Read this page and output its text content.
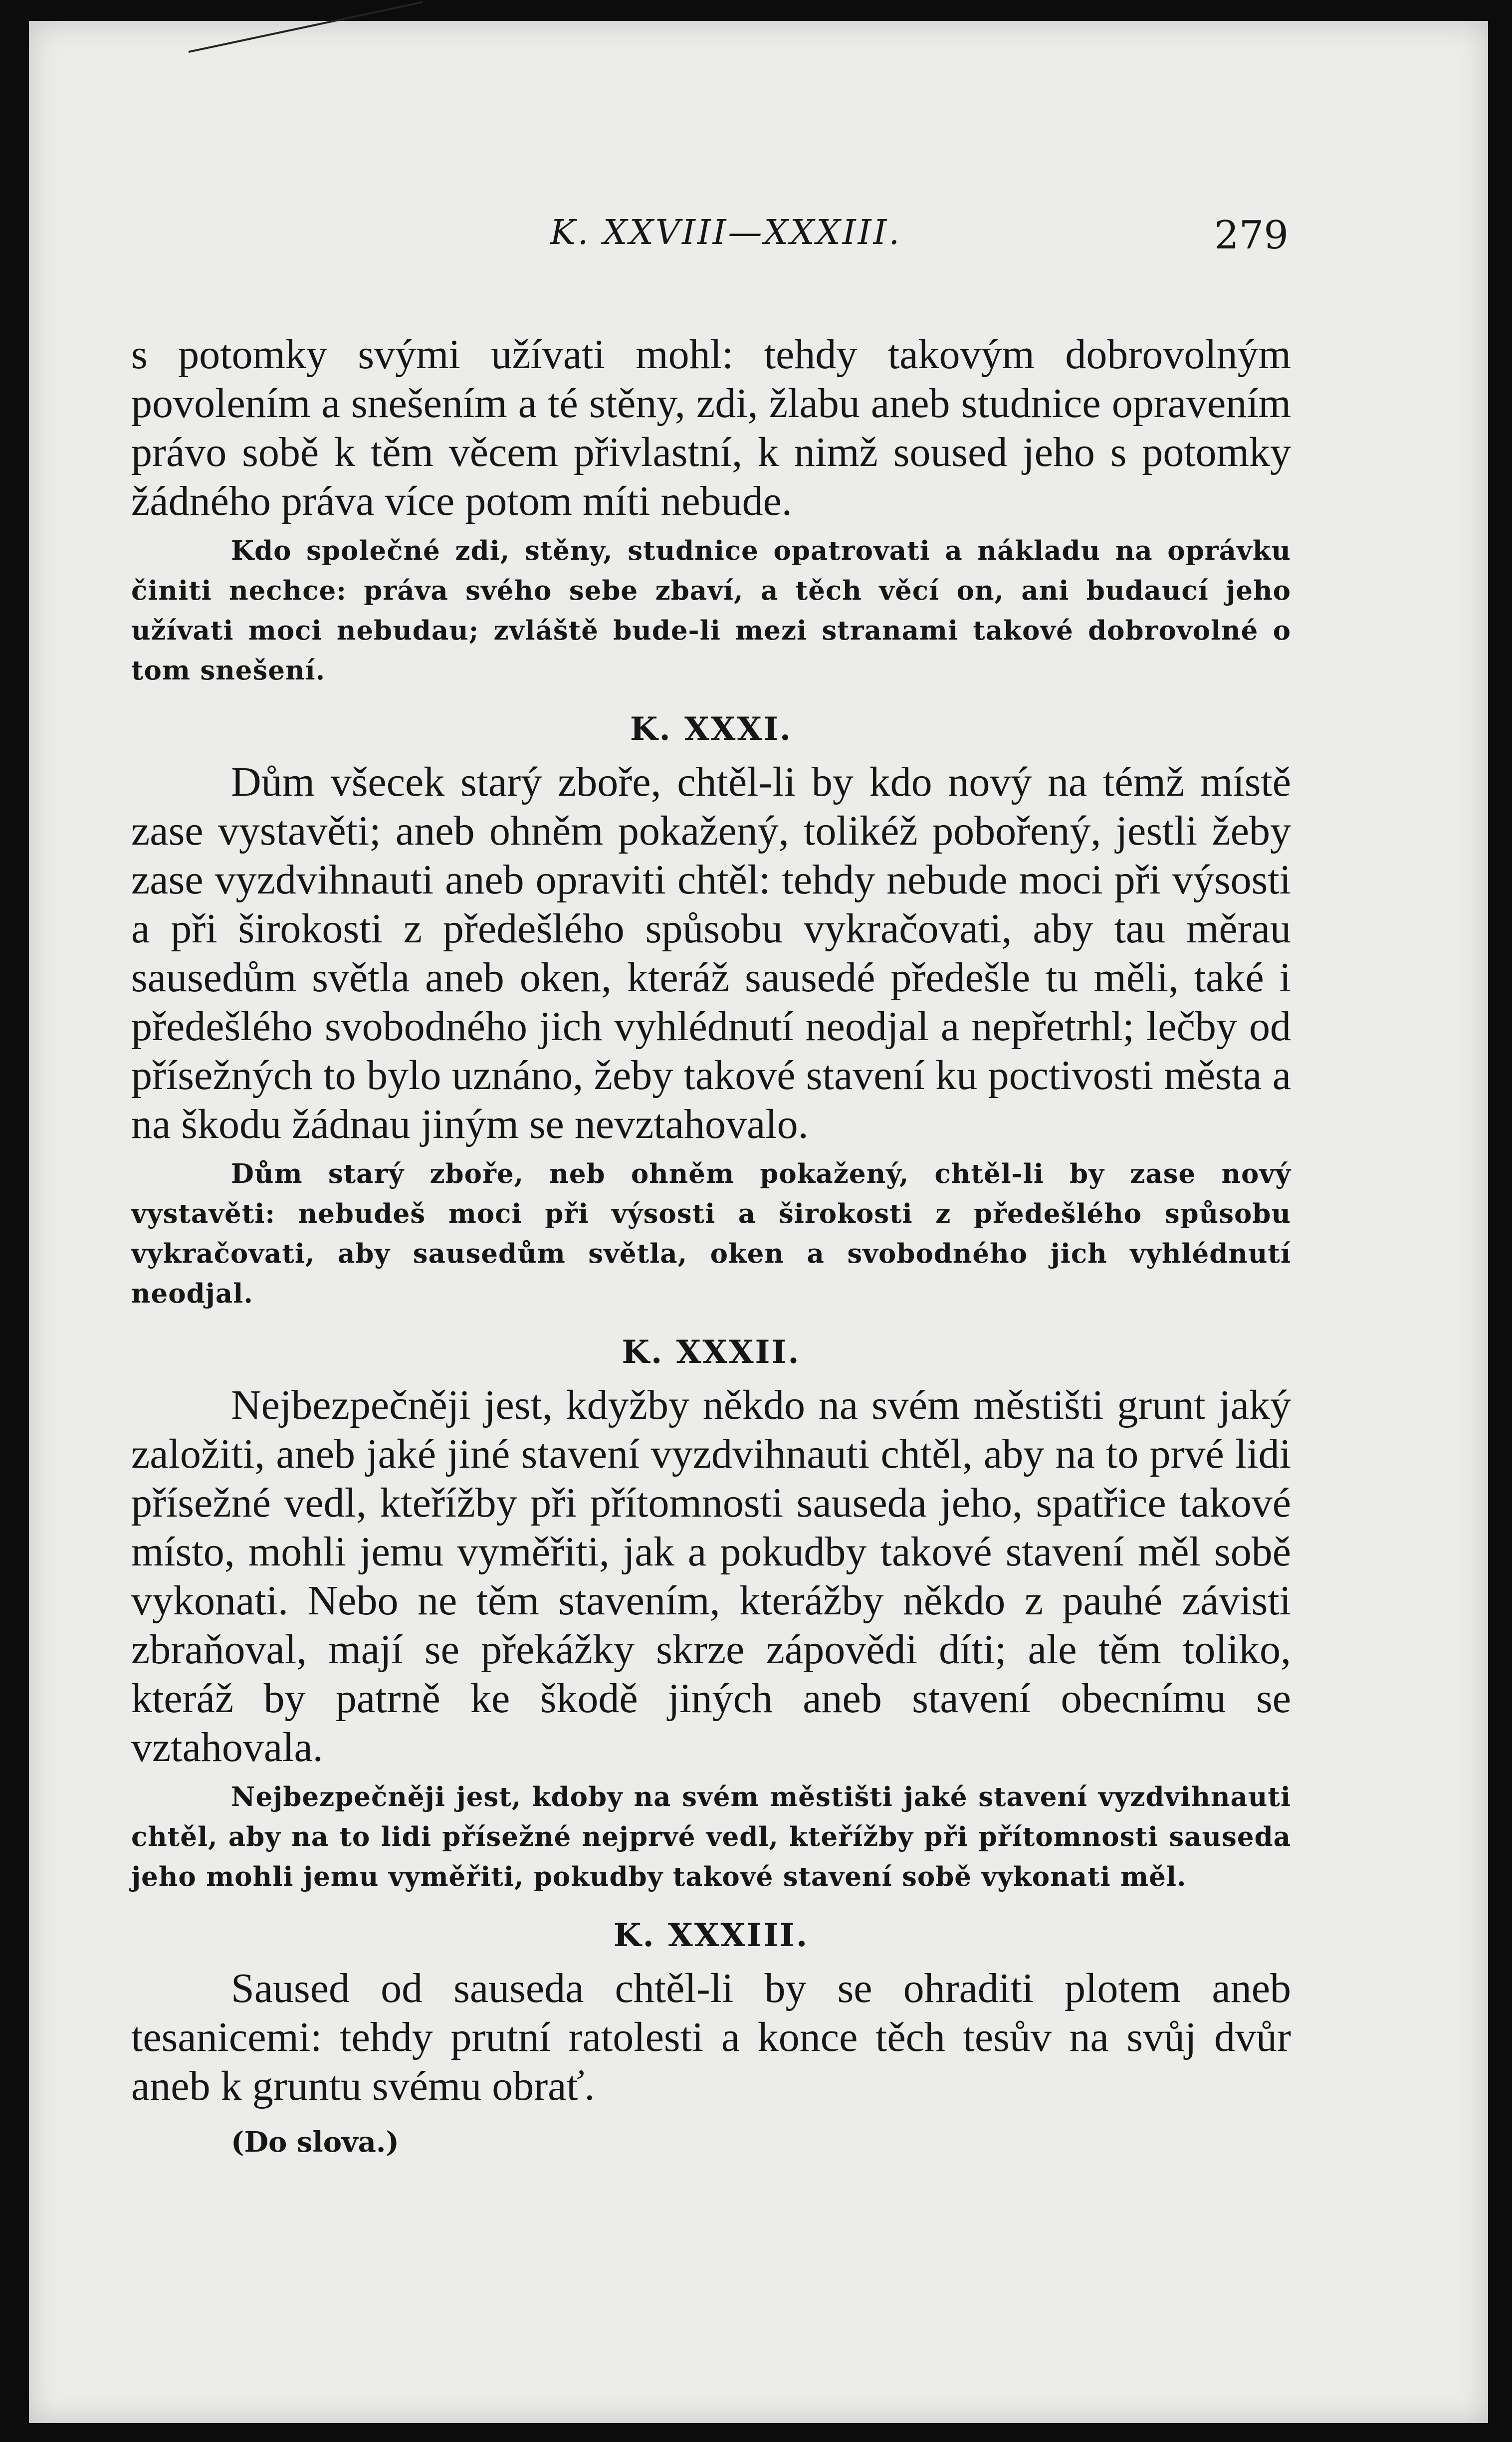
K. XXVIII—XXXIII.	279

s potomky svými užívati mohl: tehdy takovým dobrovolným povolením a snešením a té stěny, zdi, žlabu aneb studnice opravením právo sobě k těm věcem přivlastní, k nimž soused jeho s potomky žádného práva více potom míti nebude.

Kdo společné zdi, stěny, studnice opatrovati a nákladu na oprávku činiti nechce: práva svého sebe zbaví, a těch věcí on, ani budaucí jeho užívati moci nebudau; zvláště bude-li mezi stranami takové dobrovolné o tom snešení.

K. XXXI.

Dům všecek starý zboře, chtěl-li by kdo nový na témž místě zase vystavěti; aneb ohněm pokažený, tolikéž pobořený, jestli žeby zase vyzdvihnauti aneb opraviti chtěl: tehdy nebude moci při výsosti a při širokosti z předešlého spůsobu vykračovati, aby tau měrau sausedům světla aneb oken, kteráž sausedé předešle tu měli, také i předešlého svobodného jich vyhlédnutí neodjal a nepřetrhl; lečby od přísežných to bylo uznáno, žeby takové stavení ku poctivosti města a na škodu žádnau jiným se nevztahovalo.

Dům starý zboře, neb ohněm pokažený, chtěl-li by zase nový vystavěti: nebudeš moci při výsosti a širokosti z předešlého spůsobu vykračovati, aby sausedům světla, oken a svobodného jich vyhlédnutí neodjal.

K. XXXII.

Nejbezpečněji jest, kdyžby někdo na svém městišti grunt jaký založiti, aneb jaké jiné stavení vyzdvihnauti chtěl, aby na to prvé lidi přísežné vedl, kteřížby při přítomnosti sauseda jeho, spatřice takové místo, mohli jemu vyměřiti, jak a pokudby takové stavení měl sobě vykonati. Nebo ne těm stavením, kterážby někdo z pauhé závisti zbraňoval, mají se překážky skrze zápovědi díti; ale těm toliko, kteráž by patrně ke škodě jiných aneb stavení obecnímu se vztahovala.

Nejbezpečněji jest, kdoby na svém městišti jaké stavení vyzdvihnauti chtěl, aby na to lidi přísežné nejprvé vedl, kteřížby při přítomnosti sauseda jeho mohli jemu vyměřiti, pokudby takové stavení sobě vykonati měl.

K. XXXIII.

Saused od sauseda chtěl-li by se ohraditi plotem aneb tesanicemi: tehdy prutní ratolesti a konce těch tesův na svůj dvůr aneb k gruntu svému obrať.

(Do slova.)
